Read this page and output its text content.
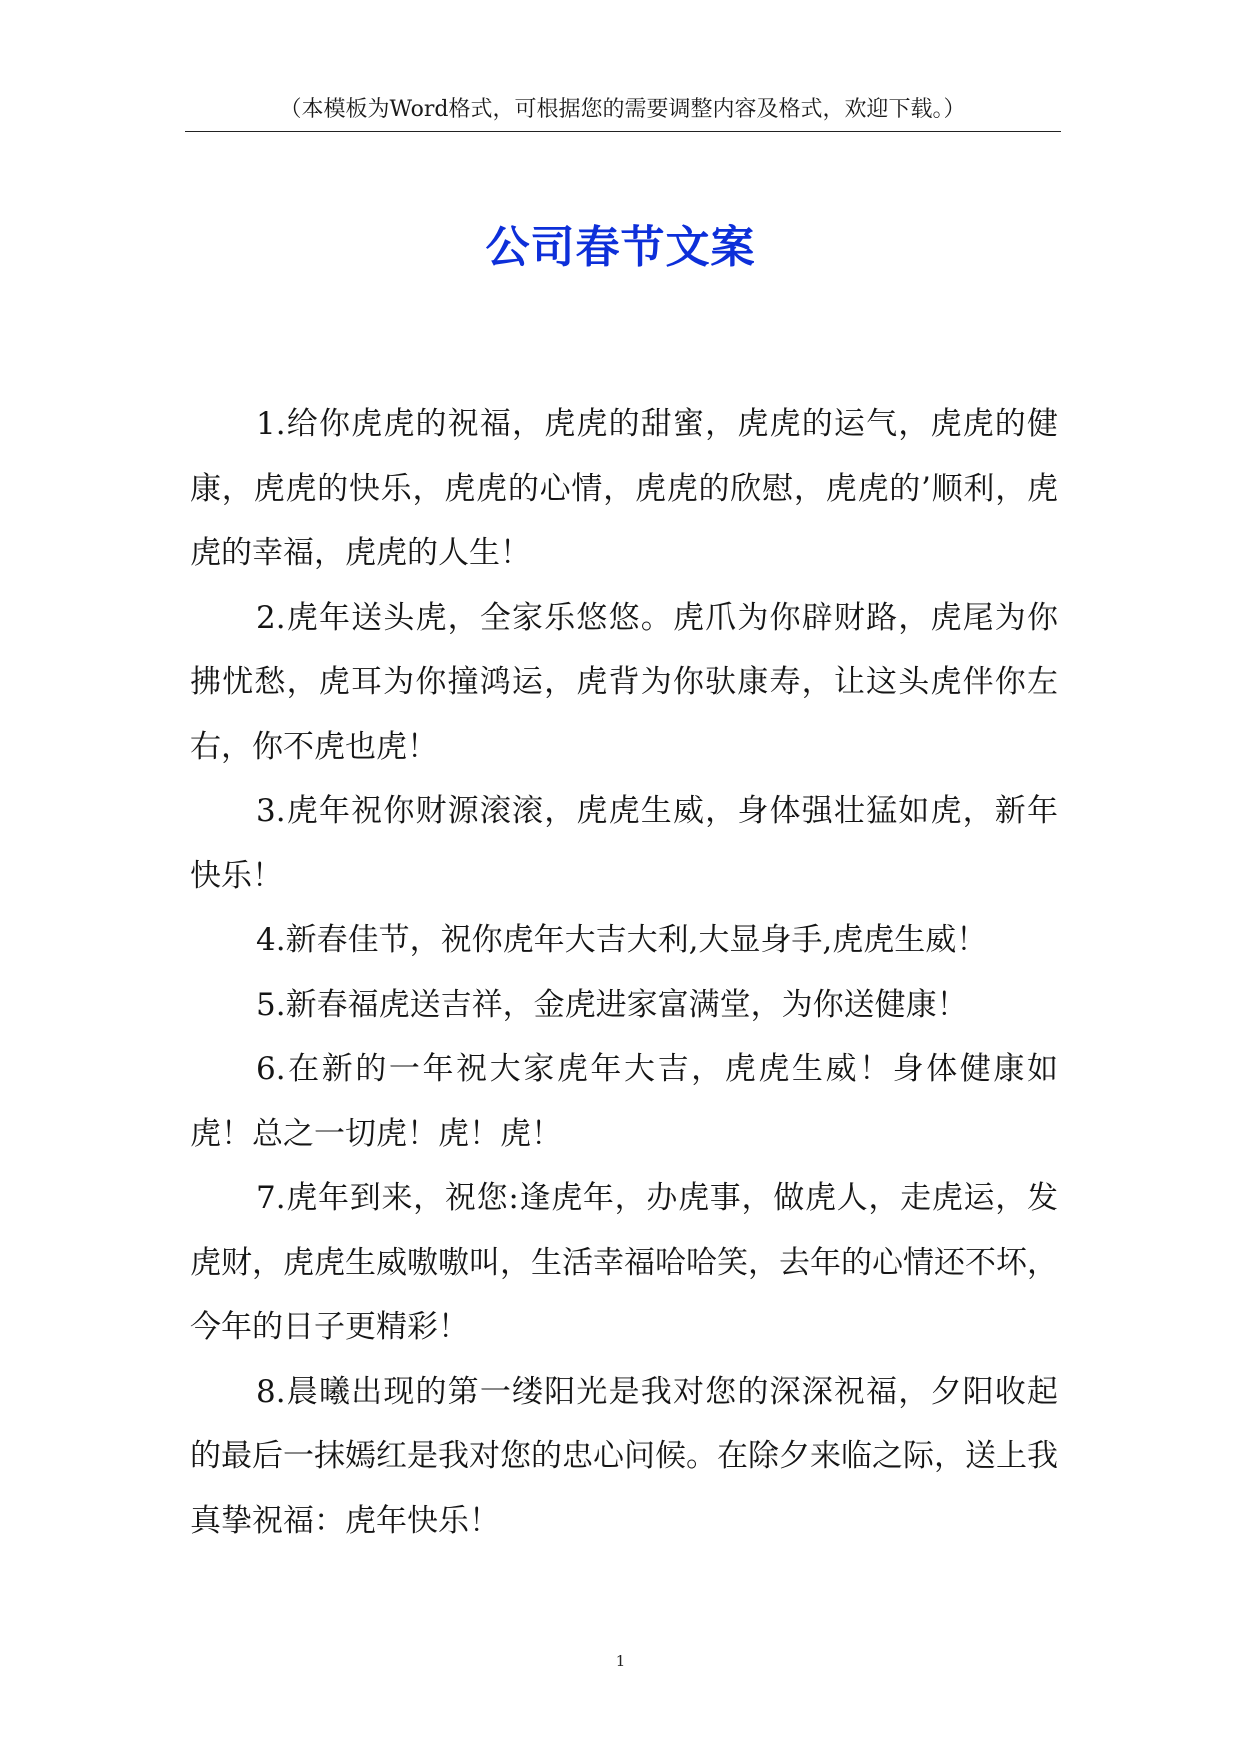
（本模板为Word格式，可根据您的需要调整内容及格式，欢迎下载。）
公司春节文案

1.给你虎虎的祝福，虎虎的甜蜜，虎虎的运气，虎虎的健康，虎虎的快乐，虎虎的心情，虎虎的欣慰，虎虎的’顺利，虎虎的幸福，虎虎的人生！

2.虎年送头虎，全家乐悠悠。虎爪为你辟财路，虎尾为你拂忧愁，虎耳为你撞鸿运，虎背为你驮康寿，让这头虎伴你左右，你不虎也虎！

3.虎年祝你财源滚滚，虎虎生威，身体强壮猛如虎，新年快乐！

4.新春佳节，祝你虎年大吉大利,大显身手,虎虎生威！

5.新春福虎送吉祥，金虎进家富满堂，为你送健康！

6.在新的一年祝大家虎年大吉，虎虎生威！身体健康如虎！总之一切虎！虎！虎！

7.虎年到来，祝您:逢虎年，办虎事，做虎人，走虎运，发虎财，虎虎生威嗷嗷叫，生活幸福哈哈笑，去年的心情还不坏，今年的日子更精彩！

8.晨曦出现的第一缕阳光是我对您的深深祝福，夕阳收起的最后一抹嫣红是我对您的忠心问候。在除夕来临之际，送上我真挚祝福：虎年快乐！

1
